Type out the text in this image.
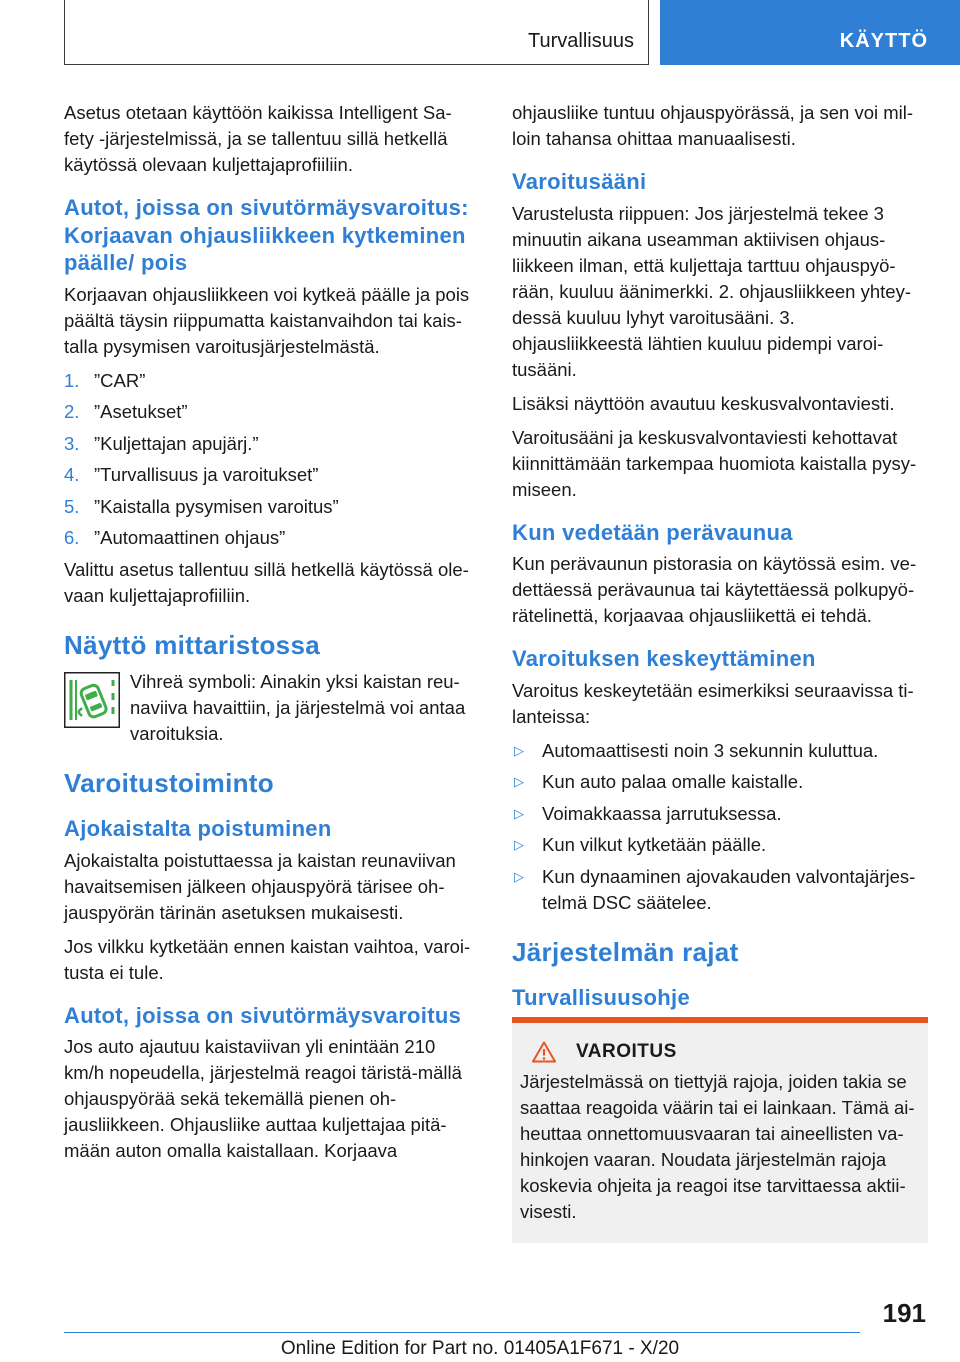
Turvallisuus	KÄYTTÖ

Asetus otetaan käyttöön kaikissa Intelligent Sa-fety -järjestelmissä, ja se tallentuu sillä hetkellä käytössä olevaan kuljettajaprofiiliin.

Autot, joissa on sivutörmäysvaroitus: Korjaavan ohjausliikkeen kytkeminen päälle/ pois

Korjaavan ohjausliikkeen voi kytkeä päälle ja pois päältä täysin riippumatta kaistanvaihdon tai kais-talla pysymisen varoitusjärjestelmästä.

1. ”CAR”
2. ”Asetukset”
3. ”Kuljettajan apujärj.”
4. ”Turvallisuus ja varoitukset”
5. ”Kaistalla pysymisen varoitus”
6. ”Automaattinen ohjaus”

Valittu asetus tallentuu sillä hetkellä käytössä ole-vaan kuljettajaprofiiliin.

Näyttö mittaristossa

Vihreä symboli: Ainakin yksi kaistan reu-naviiva havaittiin, ja järjestelmä voi antaa varoituksia.

Varoitustoiminto
Ajokaistalta poistuminen

Ajokaistalta poistuttaessa ja kaistan reunaviivan havaitsemisen jälkeen ohjauspyörä tärisee oh-jauspyörän tärinän asetuksen mukaisesti.

Jos vilkku kytketään ennen kaistan vaihtoa, varoi-tusta ei tule.

Autot, joissa on sivutörmäysvaroitus

Jos auto ajautuu kaistaviivan yli enintään 210 km/h nopeudella, järjestelmä reagoi täristä-mällä ohjauspyörää sekä tekemällä pienen oh-jausliikkeen. Ohjausliike auttaa kuljettajaa pitä-mään auton omalla kaistallaan. Korjaava

ohjausliike tuntuu ohjauspyörässä, ja sen voi mil-loin tahansa ohittaa manuaalisesti.

Varoitusääni

Varustelusta riippuen: Jos järjestelmä tekee 3 minuutin aikana useamman aktiivisen ohjaus-liikkeen ilman, että kuljettaja tarttuu ohjauspyö-rään, kuuluu äänimerkki. 2. ohjausliikkeen yhtey-dessä kuuluu lyhyt varoitusääni. 3. ohjausliikkeestä lähtien kuuluu pidempi varoi-tusääni.

Lisäksi näyttöön avautuu keskusvalvontaviesti.

Varoitusääni ja keskusvalvontaviesti kehottavat kiinnittämään tarkempaa huomiota kaistalla pysy-miseen.

Kun vedetään perävaunua

Kun perävaunun pistorasia on käytössä esim. ve-dettäessä perävaunua tai käytettäessä polkupyö-rätelinettä, korjaavaa ohjausliikettä ei tehdä.

Varoituksen keskeyttäminen

Varoitus keskeytetään esimerkiksi seuraavissa ti-lanteissa:

▷ Automaattisesti noin 3 sekunnin kuluttua.
▷ Kun auto palaa omalle kaistalle.
▷ Voimakkaassa jarrutuksessa.
▷ Kun vilkut kytketään päälle.
▷ Kun dynaaminen ajovakauden valvontajärjes-telmä DSC säätelee.
Järjestelmän rajat
Turvallisuusohje
VAROITUS

Järjestelmässä on tiettyjä rajoja, joiden takia se saattaa reagoida väärin tai ei lainkaan. Tämä ai-heuttaa onnettomuusvaaran tai aineellisten va-hinkojen vaaran. Noudata järjestelmän rajoja koskevia ohjeita ja reagoi itse tarvittaessa aktii-visesti.

191
Online Edition for Part no. 01405A1F671 - X/20
